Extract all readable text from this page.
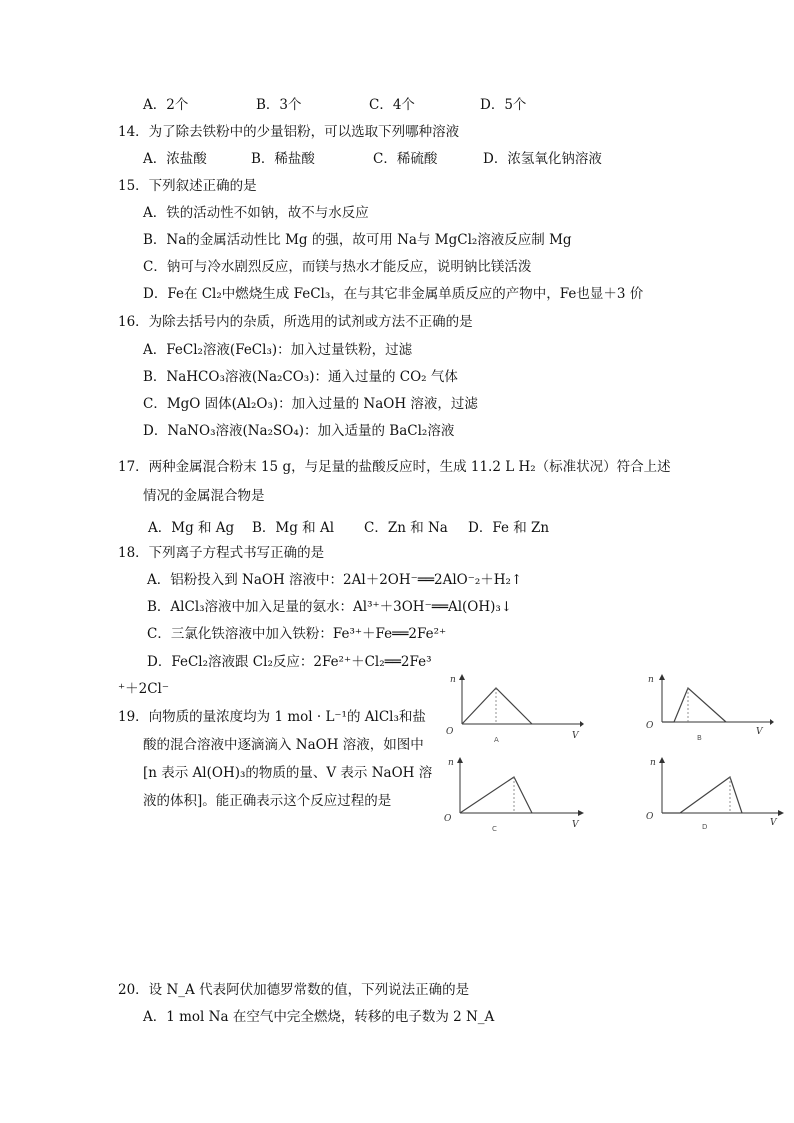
A．2个	B．3个	C．4个	D．5个
14．为了除去铁粉中的少量铝粉，可以选取下列哪种溶液
A．浓盐酸	B．稀盐酸	C．稀硫酸	D．浓氢氧化钠溶液
15．下列叙述正确的是
A．铁的活动性不如钠，故不与水反应
B．Na的金属活动性比 Mg 的强，故可用 Na与 MgCl₂溶液反应制 Mg
C．钠可与冷水剧烈反应，而镁与热水才能反应，说明钠比镁活泼
D．Fe在 Cl₂中燃烧生成 FeCl₃，在与其它非金属单质反应的产物中，Fe也显＋3 价
16．为除去括号内的杂质，所选用的试剂或方法不正确的是
A．FeCl₂溶液(FeCl₃)：加入过量铁粉，过滤
B．NaHCO₃溶液(Na₂CO₃)：通入过量的 CO₂ 气体
C．MgO 固体(Al₂O₃)：加入过量的 NaOH 溶液，过滤
D．NaNO₃溶液(Na₂SO₄)：加入适量的 BaCl₂溶液
17．两种金属混合粉末 15 g，与足量的盐酸反应时，生成 11.2 L H₂（标准状况）符合上述
情况的金属混合物是
A．Mg 和 Ag B．Mg 和 Al C．Zn 和 Na D．Fe 和 Zn
18．下列离子方程式书写正确的是
A．铝粉投入到 NaOH 溶液中：2Al＋2OH⁻══2AlO⁻₂＋H₂↑
B．AlCl₃溶液中加入足量的氨水：Al³⁺＋3OH⁻══Al(OH)₃↓
C．三氯化铁溶液中加入铁粉：Fe³⁺＋Fe══2Fe²⁺
D．FeCl₂溶液跟 Cl₂反应：2Fe²⁺＋Cl₂══2Fe³
⁺＋2Cl⁻
19．向物质的量浓度均为 1 mol · L⁻¹的 AlCl₃和盐
酸的混合溶液中逐滴滴入 NaOH 溶液，如图中
[n 表示 Al(OH)₃的物质的量、V 表示 NaOH 溶
液的体积]。能正确表示这个反应过程的是
n
O	V
A
n
O
V
B
n
O
V
C
n
O
V
D
20．设 N_A 代表阿伏加德罗常数的值，下列说法正确的是
A．1 mol Na 在空气中完全燃烧，转移的电子数为 2 N_A
